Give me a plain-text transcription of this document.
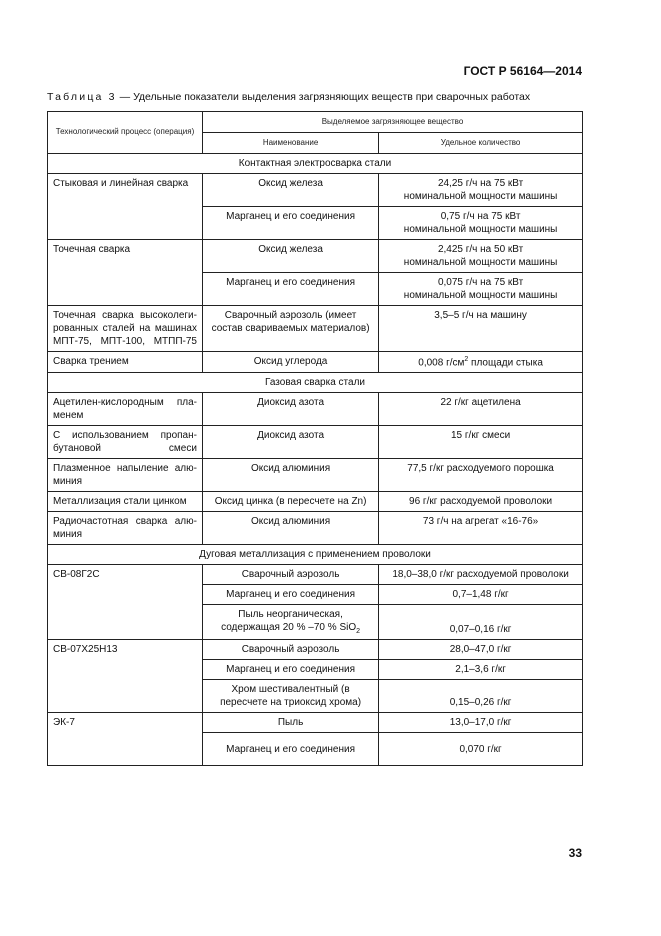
ГОСТ Р 56164—2014
Таблица 3 — Удельные показатели выделения загрязняющих веществ при сварочных работах
Технологический процесс (операция)	Выделяемое загрязняющее вещество	
	Наименование	Удельное количество
Контактная электросварка стали		
Стыковая и линейная сварка	Оксид железа	24,25 г/ч на 75 кВт
номинальной мощности машины
	Марганец и его соединения	0,75 г/ч на 75 кВт
номинальной мощности машины
Точечная сварка	Оксид железа	2,425 г/ч на 50 кВт
номинальной мощности машины
	Марганец и его соединения	0,075 г/ч на 75 кВт
номинальной мощности машины
Точечная сварка высоколеги-рованных сталей на машинах МПТ-75, МПТ-100, МТПП-75	Сварочный аэрозоль (имеет состав свариваемых материалов)	3,5–5 г/ч на машину
Сварка трением	Оксид углерода	0,008 $г/см^2$ площади стыка
Газовая сварка стали		
Ацетилен-кислородным пла-менем	Диоксид азота	22 г/кг ацетилена
С использованием пропан-бутановой смеси	Диоксид азота	15 г/кг смеси
Плазменное напыление алю-миния	Оксид алюминия	77,5 г/кг расходуемого порошка
Металлизация стали цинком	Оксид цинка (в пересчете на Zn)	96 г/кг расходуемой проволоки
Радиочастотная сварка алю-миния	Оксид алюминия	73 г/ч на агрегат «16-76»
Дуговая металлизация с применением проволоки		
СВ-08Г2С	Сварочный аэрозоль	18,0–38,0 г/кг расходуемой проволоки
	Марганец и его соединения	0,7–1,48 г/кг
	Пыль неорганическая, содержащая 20 % –70 % SiO$_2$	0,07–0,16 г/кг
СВ-07Х25Н13	Сварочный аэрозоль	28,0–47,0 г/кг
	Марганец и его соединения	2,1–3,6 г/кг
	Хром шестивалентный (в пересчете на триоксид хрома)	0,15–0,26 г/кг
ЭК-7	Пыль	13,0–17,0 г/кг
	Марганец и его соединения	0,070 г/кг
33
